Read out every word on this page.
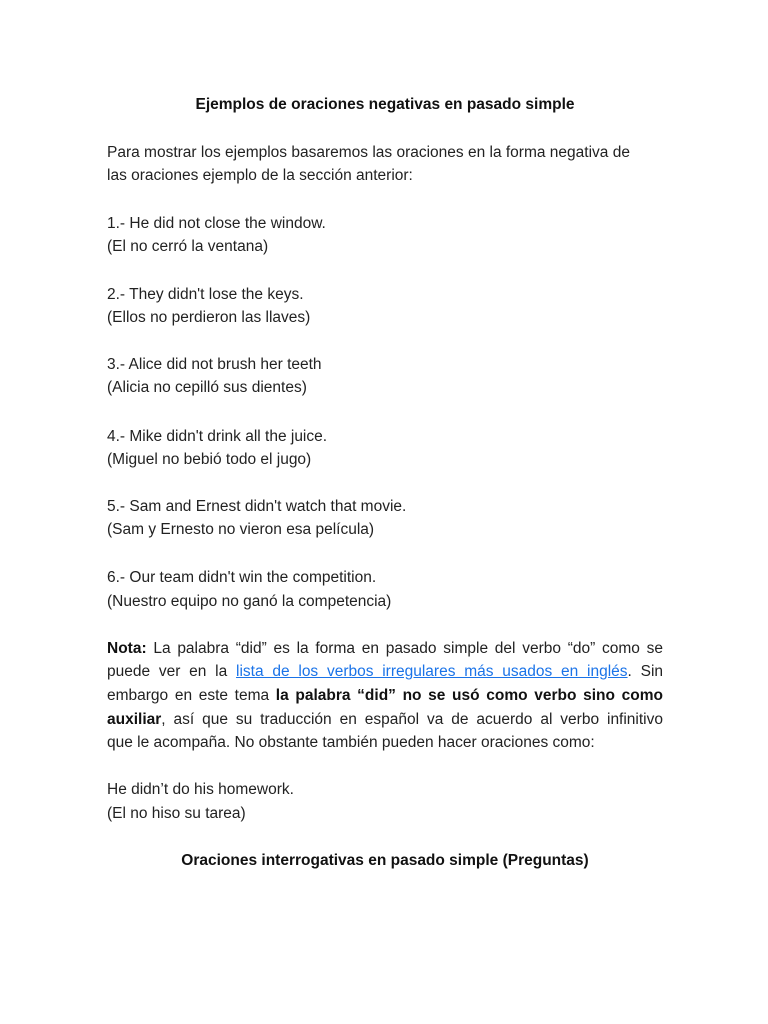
Ejemplos de oraciones negativas en pasado simple
Para mostrar los ejemplos basaremos las oraciones en la forma negativa de
las oraciones ejemplo de la sección anterior:
1.- He did not close the window.
(El no cerró la ventana)
2.- They didn't lose the keys.
(Ellos no perdieron las llaves)
3.- Alice did not brush her teeth
(Alicia no cepilló sus dientes)
4.- Mike didn't drink all the juice.
(Miguel no bebió todo el jugo)
5.- Sam and Ernest didn't watch that movie.
(Sam y Ernesto no vieron esa película)
6.- Our team didn't win the competition.
(Nuestro equipo no ganó la competencia)
Nota: La palabra “did” es la forma en pasado simple del verbo “do” como se
puede ver en la lista de los verbos irregulares más usados en inglés. Sin
embargo en este tema la palabra “did” no se usó como verbo sino como
auxiliar, así que su traducción en español va de acuerdo al verbo infinitivo
que le acompaña. No obstante también pueden hacer oraciones como:
He didn’t do his homework.
(El no hiso su tarea)
Oraciones interrogativas en pasado simple (Preguntas)
